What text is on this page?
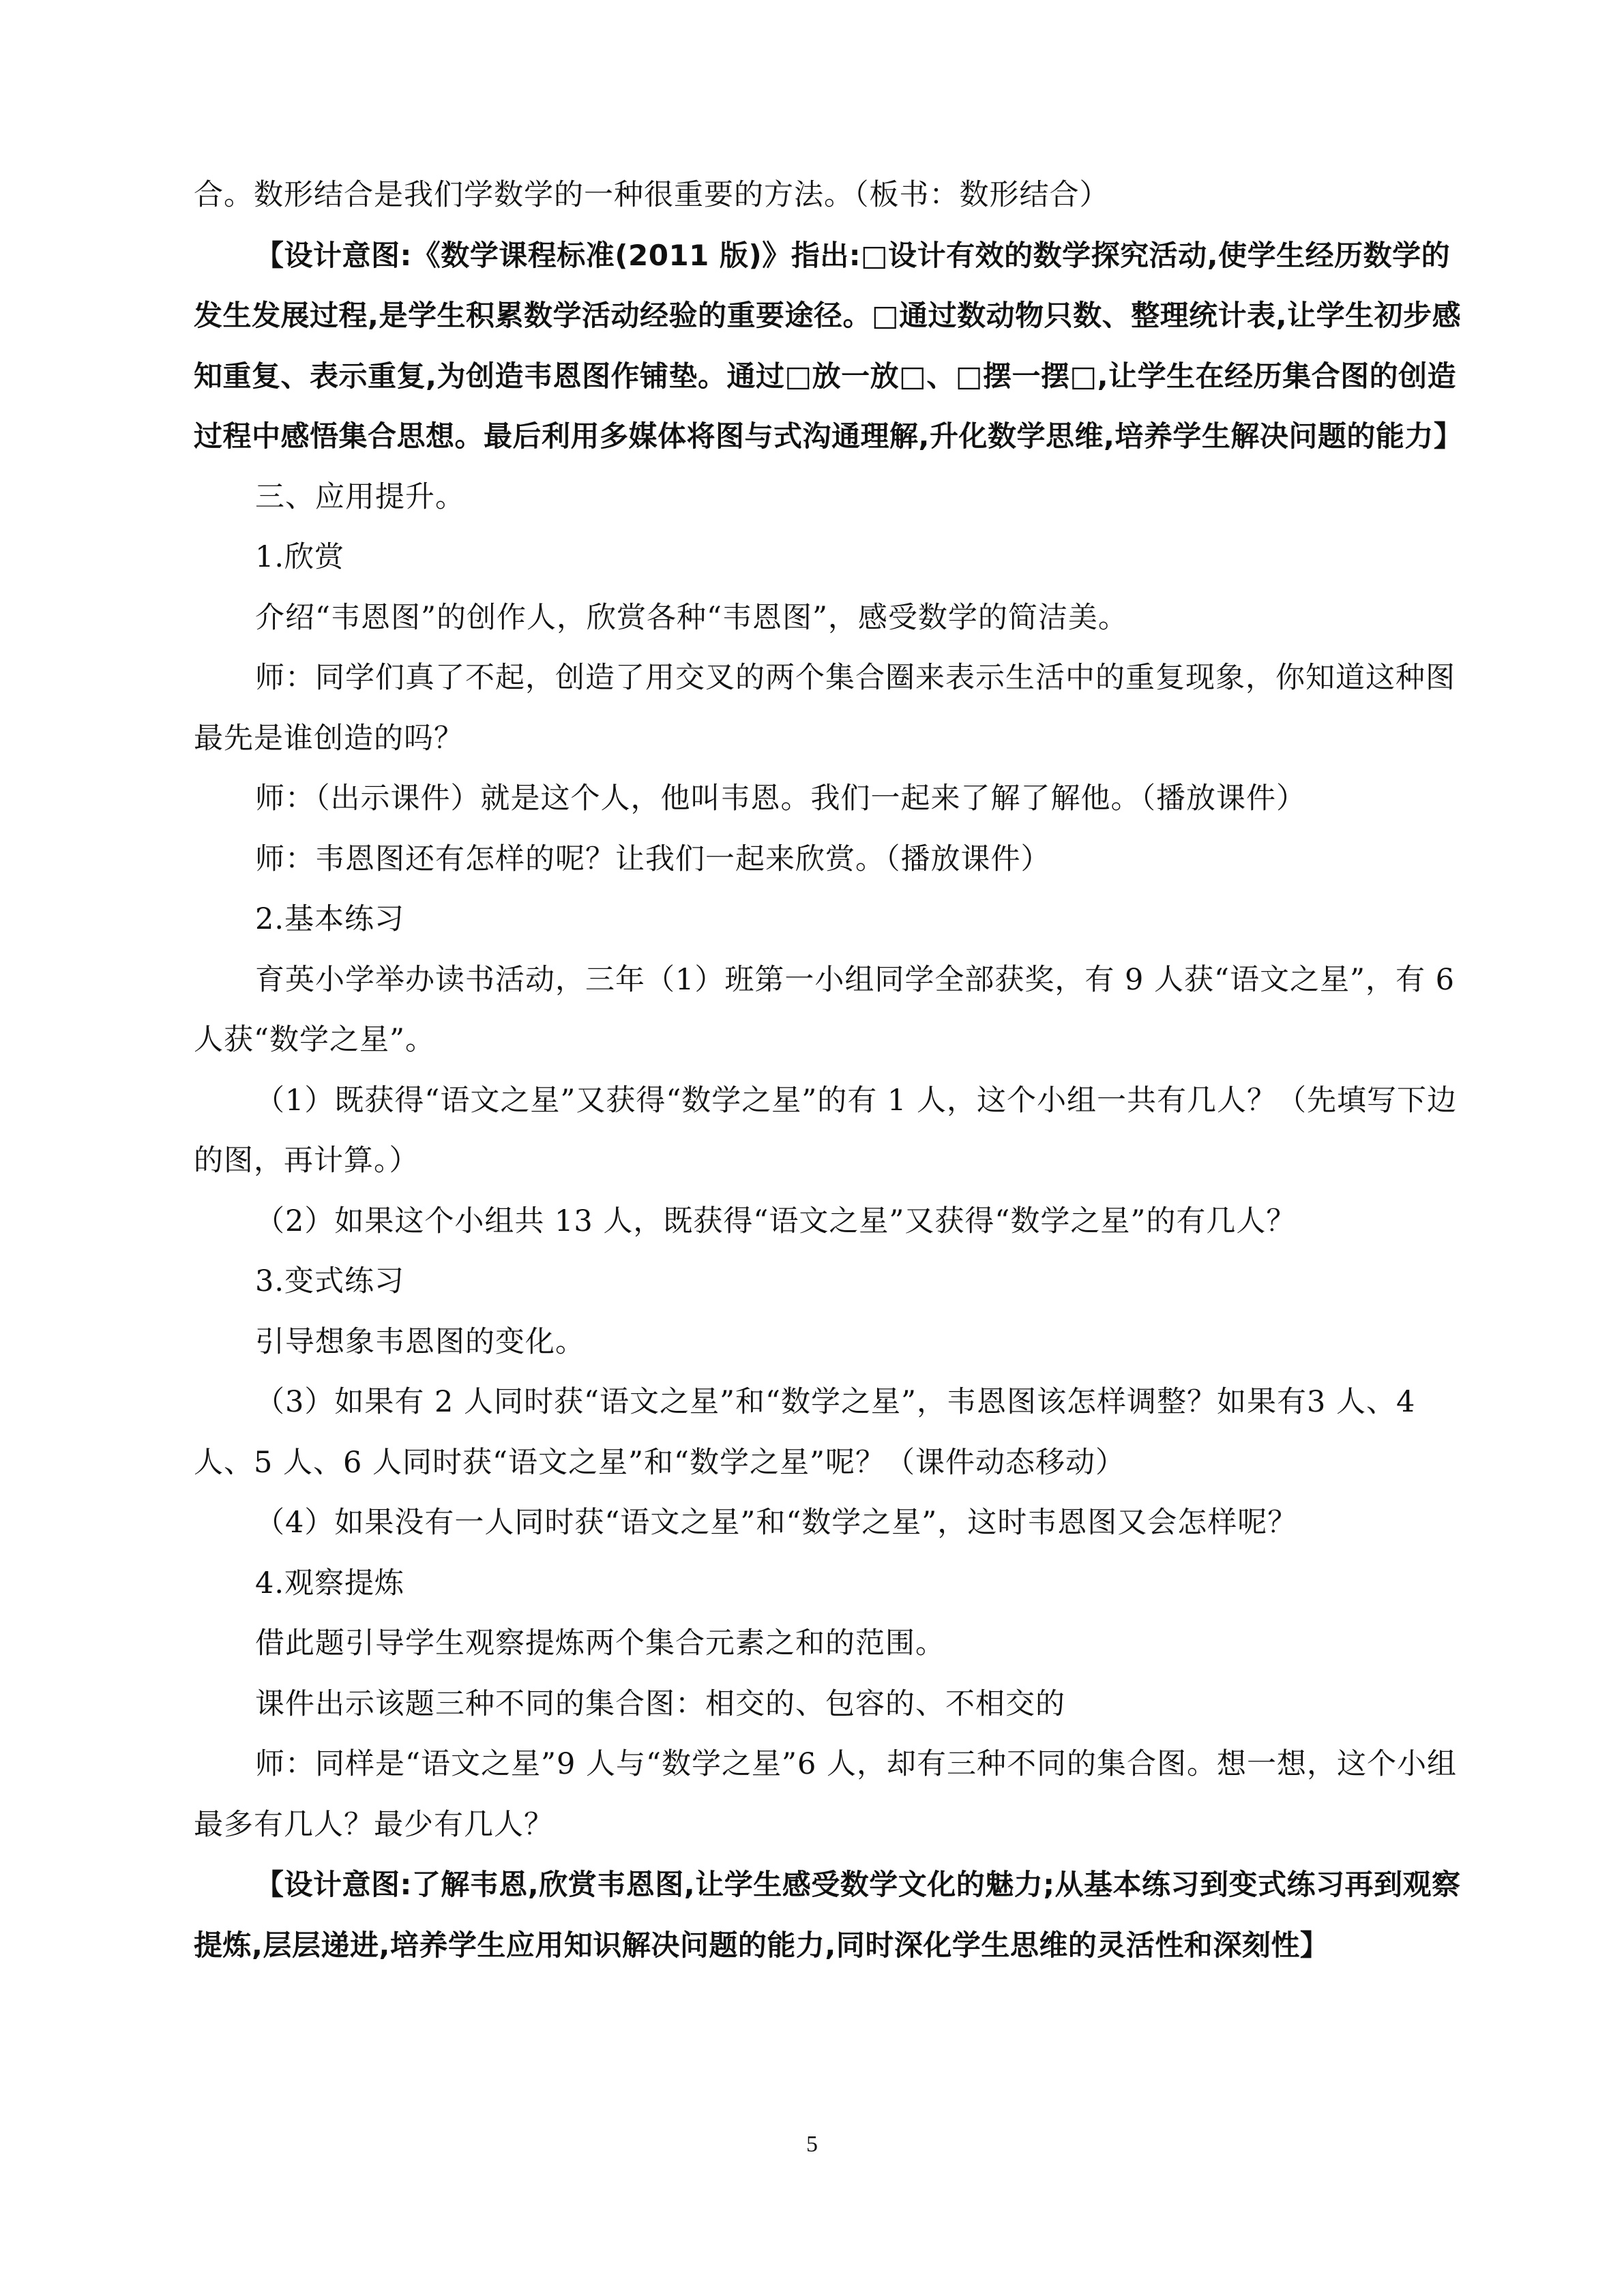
合。数形结合是我们学数学的一种很重要的方法。（板书：数形结合）

【设计意图:《数学课程标准(2011 版)》指出:□设计有效的数学探究活动,使学生经历数学的发生发展过程,是学生积累数学活动经验的重要途径。□通过数动物只数、整理统计表,让学生初步感知重复、表示重复,为创造韦恩图作铺垫。通过□放一放□、□摆一摆□,让学生在经历集合图的创造过程中感悟集合思想。最后利用多媒体将图与式沟通理解,升化数学思维,培养学生解决问题的能力】

三、应用提升。

1.欣赏

介绍“韦恩图”的创作人，欣赏各种“韦恩图”，感受数学的简洁美。

师：同学们真了不起，创造了用交叉的两个集合圈来表示生活中的重复现象，你知道这种图最先是谁创造的吗？

师：（出示课件）就是这个人，他叫韦恩。我们一起来了解了解他。（播放课件）

师：韦恩图还有怎样的呢？让我们一起来欣赏。（播放课件）

2.基本练习

育英小学举办读书活动，三年（1）班第一小组同学全部获奖，有 9 人获“语文之星”，有 6 人获“数学之星”。

（1）既获得“语文之星”又获得“数学之星”的有 1 人，这个小组一共有几人？（先填写下边的图，再计算。）

（2）如果这个小组共 13 人，既获得“语文之星”又获得“数学之星”的有几人？

3.变式练习

引导想象韦恩图的变化。

（3）如果有 2 人同时获“语文之星”和“数学之星”，韦恩图该怎样调整？如果有3 人、4 人、5 人、6 人同时获“语文之星”和“数学之星”呢？（课件动态移动）

（4）如果没有一人同时获“语文之星”和“数学之星”，这时韦恩图又会怎样呢？

4.观察提炼

借此题引导学生观察提炼两个集合元素之和的范围。

课件出示该题三种不同的集合图：相交的、包容的、不相交的

师：同样是“语文之星”9 人与“数学之星”6 人，却有三种不同的集合图。想一想，这个小组最多有几人？最少有几人？

【设计意图:了解韦恩,欣赏韦恩图,让学生感受数学文化的魅力;从基本练习到变式练习再到观察提炼,层层递进,培养学生应用知识解决问题的能力,同时深化学生思维的灵活性和深刻性】

5
